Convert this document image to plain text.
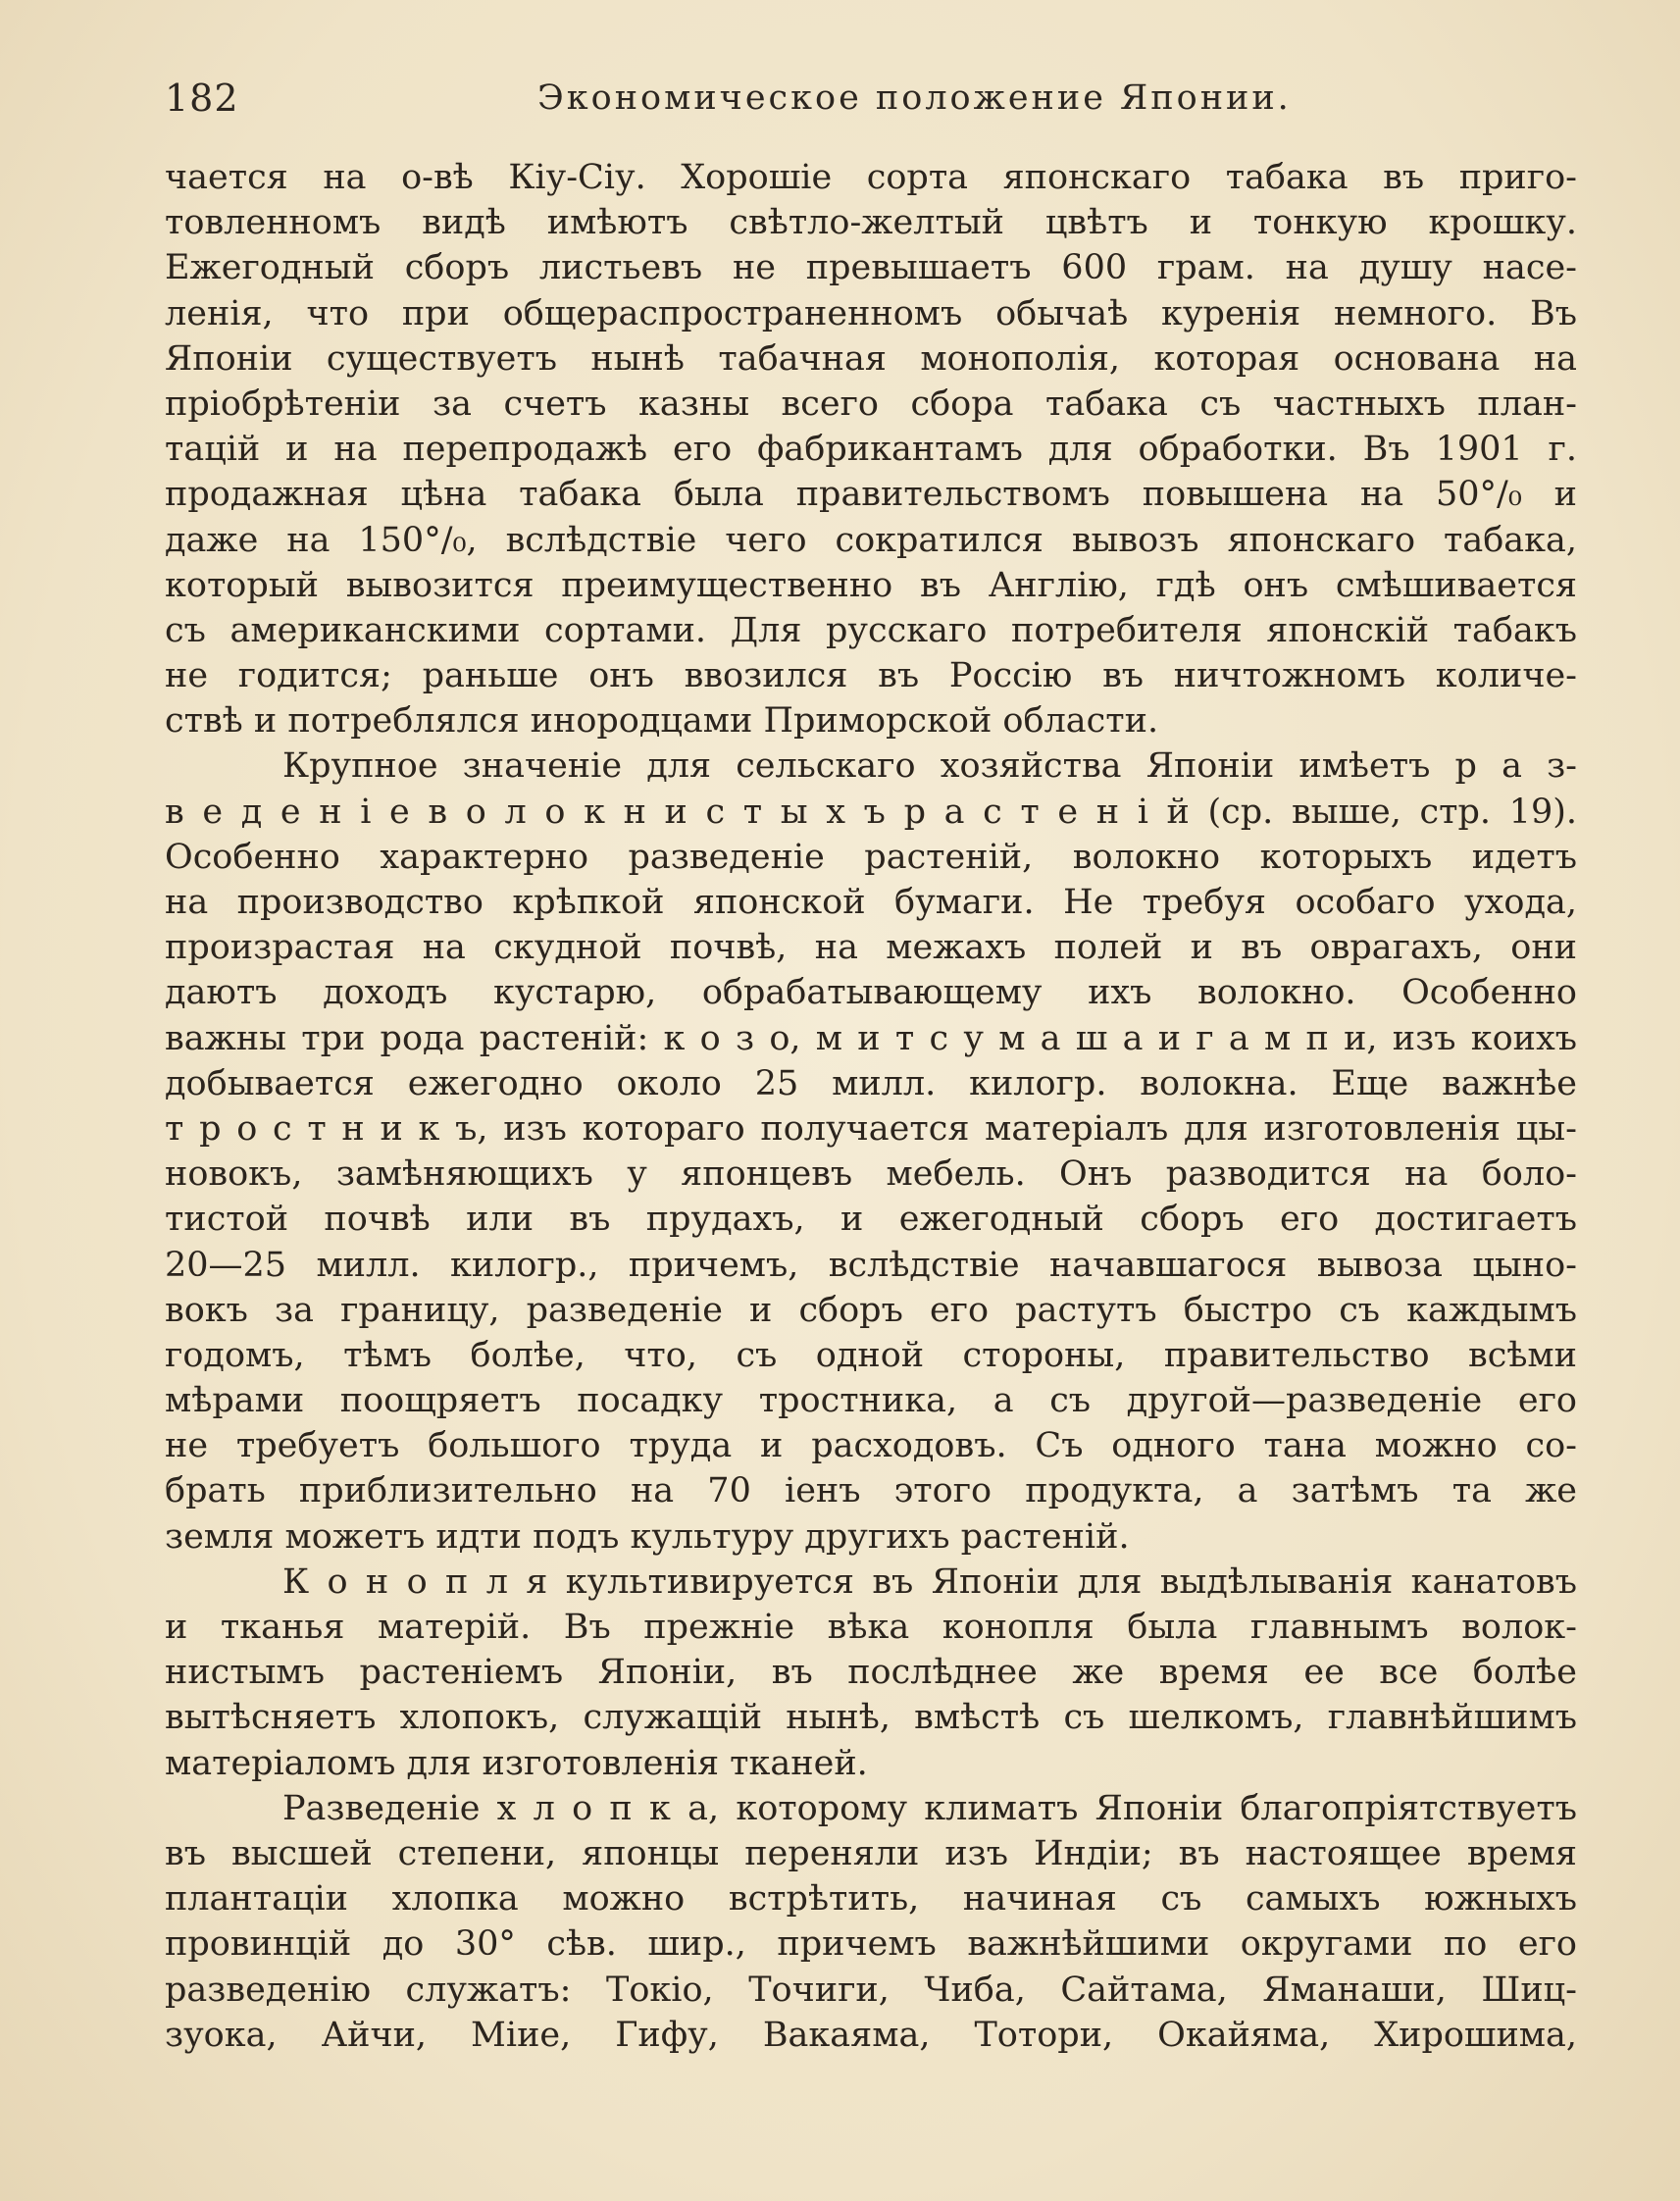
182	Экономическое положение Японии.
чается на о-вѣ Кіу-Сіу. Хорошіе сорта японскаго табака въ приго-
товленномъ видѣ имѣютъ свѣтло-желтый цвѣтъ и тонкую крошку.
Ежегодный сборъ листьевъ не превышаетъ 600 грам. на душу насе-
ленія, что при общераспространенномъ обычаѣ куренія немного. Въ
Японіи существуетъ нынѣ табачная монополія, которая основана на
пріобрѣтеніи за счетъ казны всего сбора табака съ частныхъ план-
тацій и на перепродажѣ его фабрикантамъ для обработки. Въ 1901 г.
продажная цѣна табака была правительствомъ повышена на 50°/₀ и
даже на 150°/₀, вслѣдствіе чего сократился вывозъ японскаго табака,
который вывозится преимущественно въ Англію, гдѣ онъ смѣшивается
съ американскими сортами. Для русскаго потребителя японскій табакъ
не годится; раньше онъ ввозился въ Россію въ ничтожномъ количе-
ствѣ и потреблялся инородцами Приморской области.
Крупное значеніе для сельскаго хозяйства Японіи имѣетъ р а з-
в е д е н і е в о л о к н и с т ы х ъ р а с т е н і й (ср. выше, стр. 19).
Особенно характерно разведеніе растеній, волокно которыхъ идетъ
на производство крѣпкой японской бумаги. Не требуя особаго ухода,
произрастая на скудной почвѣ, на межахъ полей и въ оврагахъ, они
даютъ доходъ кустарю, обрабатывающему ихъ волокно. Особенно
важны три рода растеній: к о з о, м и т с у м а ш а и г а м п и, изъ коихъ
добывается ежегодно около 25 милл. килогр. волокна. Еще важнѣе
т р о с т н и к ъ, изъ котораго получается матеріалъ для изготовленія цы-
новокъ, замѣняющихъ у японцевъ мебель. Онъ разводится на боло-
тистой почвѣ или въ прудахъ, и ежегодный сборъ его достигаетъ
20—25 милл. килогр., причемъ, вслѣдствіе начавшагося вывоза цыно-
вокъ за границу, разведеніе и сборъ его растутъ быстро съ каждымъ
годомъ, тѣмъ болѣе, что, съ одной стороны, правительство всѣми
мѣрами поощряетъ посадку тростника, а съ другой—разведеніе его
не требуетъ большого труда и расходовъ. Съ одного тана можно со-
брать приблизительно на 70 іенъ этого продукта, а затѣмъ та же
земля можетъ идти подъ культуру другихъ растеній.
К о н о п л я культивируется въ Японіи для выдѣлыванія канатовъ
и тканья матерій. Въ прежніе вѣка конопля была главнымъ волок-
нистымъ растеніемъ Японіи, въ послѣднее же время ее все болѣе
вытѣсняетъ хлопокъ, служащій нынѣ, вмѣстѣ съ шелкомъ, главнѣйшимъ
матеріаломъ для изготовленія тканей.
Разведеніе х л о п к а, которому климатъ Японіи благопріятствуетъ
въ высшей степени, японцы переняли изъ Индіи; въ настоящее время
плантаціи хлопка можно встрѣтить, начиная съ самыхъ южныхъ
провинцій до 30° сѣв. шир., причемъ важнѣйшими округами по его
разведенію служатъ: Токіо, Точиги, Чиба, Сайтама, Яманаши, Шиц-
зуока, Айчи, Міие, Гифу, Вакаяма, Тотори, Окайяма, Хирошима,
